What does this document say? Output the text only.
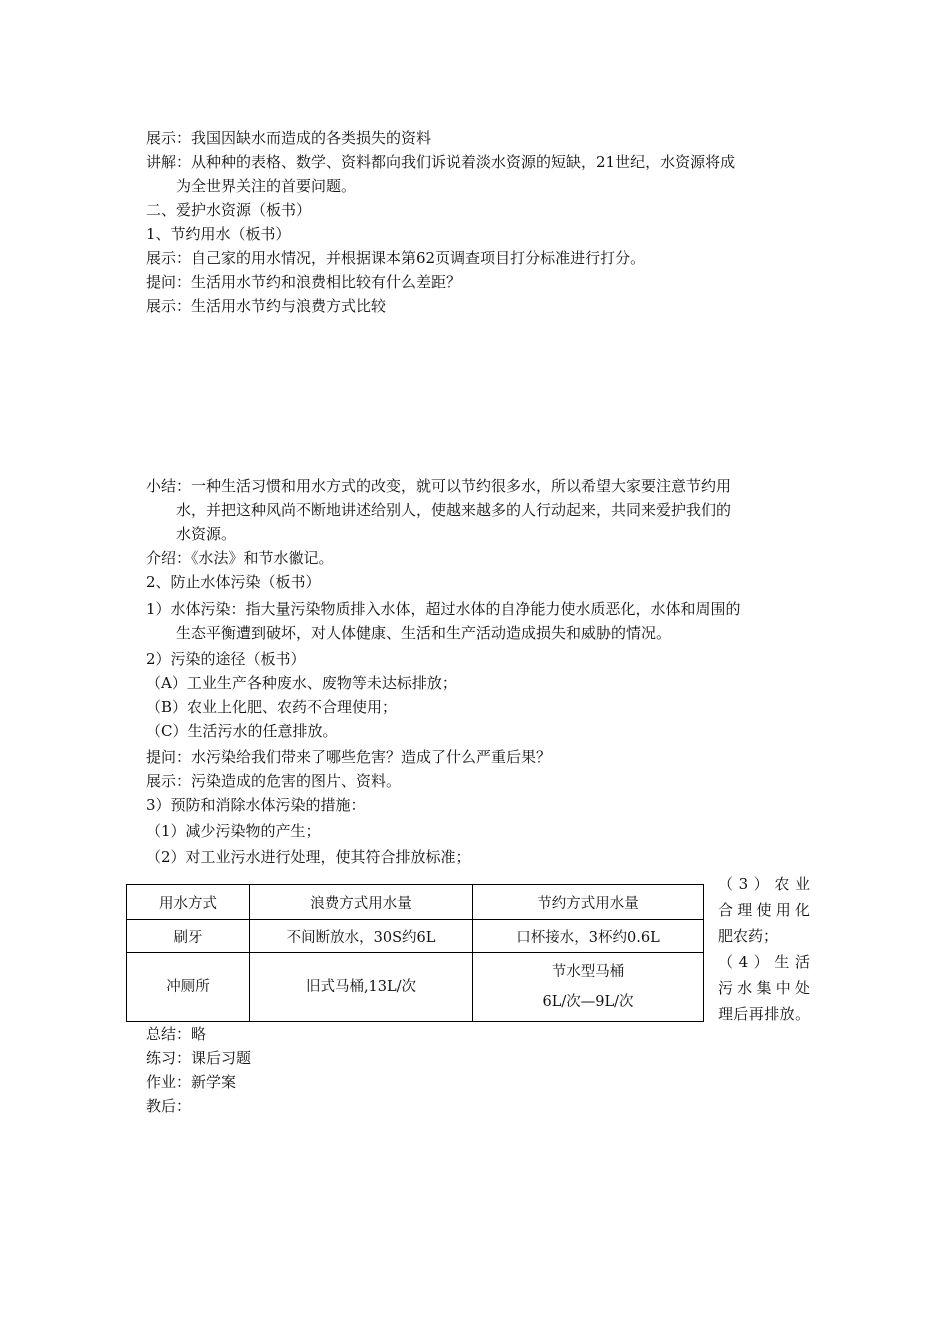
展示：我国因缺水而造成的各类损失的资料
讲解：从种种的表格、数学、资料都向我们诉说着淡水资源的短缺，21世纪，水资源将成
为全世界关注的首要问题。
二、爱护水资源（板书）
1、节约用水（板书）
展示：自己家的用水情况，并根据课本第62页调查项目打分标准进行打分。
提问：生活用水节约和浪费相比较有什么差距？
展示：生活用水节约与浪费方式比较
小结：一种生活习惯和用水方式的改变，就可以节约很多水，所以希望大家要注意节约用
水，并把这种风尚不断地讲述给别人，使越来越多的人行动起来，共同来爱护我们的
水资源。
介绍：《水法》和节水徽记。
2、防止水体污染（板书）
1）水体污染：指大量污染物质排入水体，超过水体的自净能力使水质恶化，水体和周围的
生态平衡遭到破坏，对人体健康、生活和生产活动造成损失和威胁的情况。
2）污染的途径（板书）
（A）工业生产各种废水、废物等未达标排放；
（B）农业上化肥、农药不合理使用；
（C）生活污水的任意排放。
提问：水污染给我们带来了哪些危害？造成了什么严重后果？
展示：污染造成的危害的图片、资料。
3）预防和消除水体污染的措施：
（1）减少污染物的产生；
（2）对工业污水进行处理，使其符合排放标准；
用水方式	浪费方式用水量	节约方式用水量
刷牙	不间断放水，30S约6L	口杯接水，3杯约0.6L
冲厕所	旧式马桶,13L/次	节水型马桶
6L/次—9L/次
（3）农业
合理使用化
肥农药；
（4）生活
污水集中处
理后再排放。
总结：略
练习：课后习题
作业：新学案
教后：
